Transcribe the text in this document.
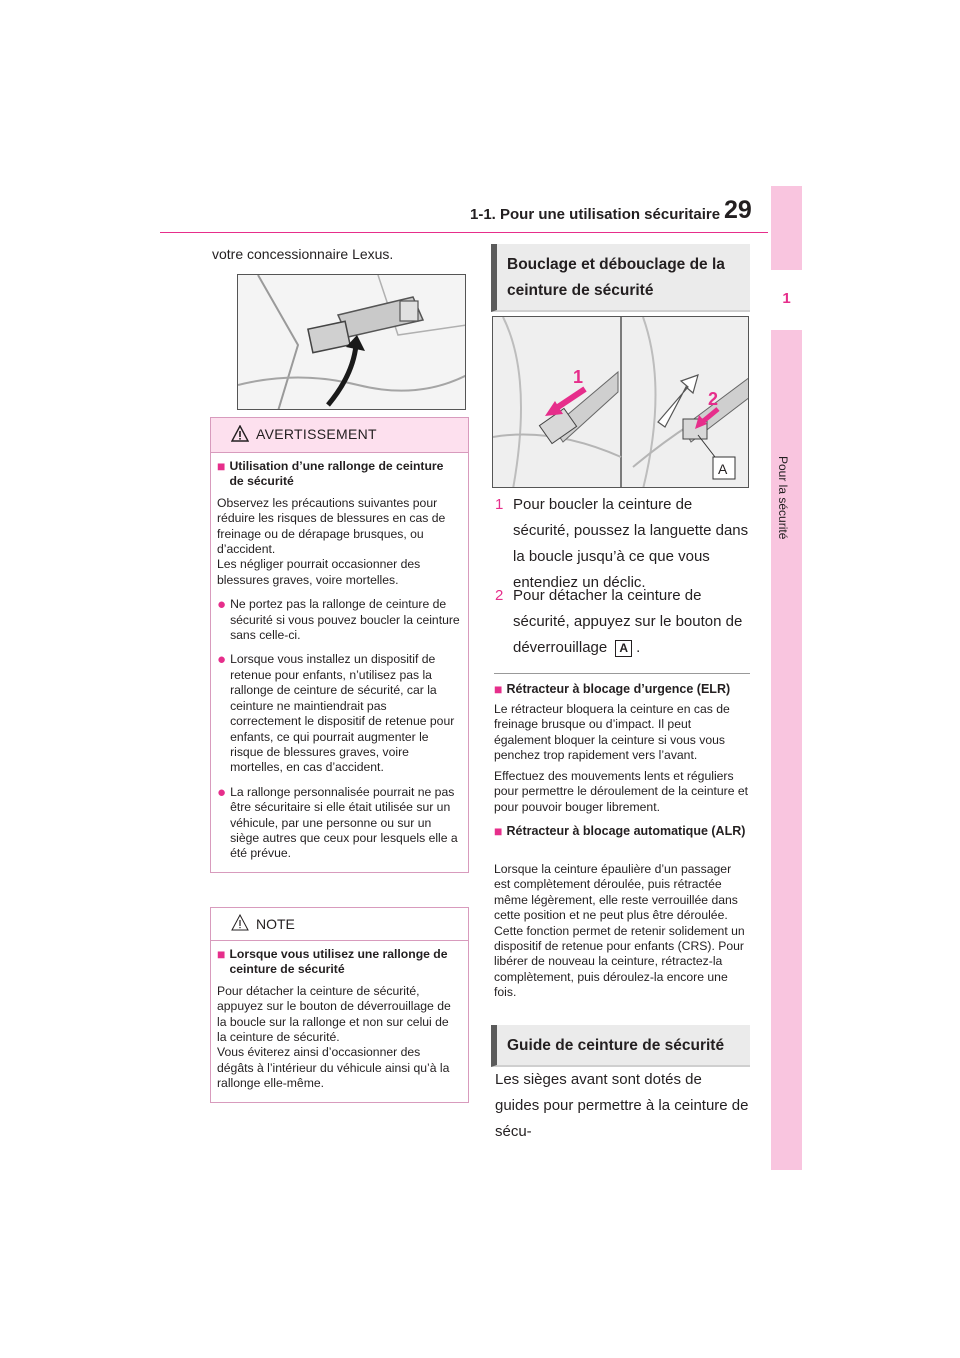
1-1. Pour une utilisation sécuritaire 29
1
Pour la sécurité
votre concessionnaire Lexus.
AVERTISSEMENT
■ Utilisation d’une rallonge de ceinture de sécurité
Observez les précautions suivantes pour réduire les risques de blessures en cas de freinage ou de dérapage brusques, ou d’accident.
Les négliger pourrait occasionner des blessures graves, voire mortelles.
● Ne portez pas la rallonge de ceinture de sécurité si vous pouvez boucler la ceinture sans celle-ci.
● Lorsque vous installez un dispositif de retenue pour enfants, n’utilisez pas la rallonge de ceinture de sécurité, car la ceinture ne maintiendrait pas correctement le dispositif de retenue pour enfants, ce qui pourrait augmenter le risque de blessures graves, voire mortelles, en cas d’accident.
● La rallonge personnalisée pourrait ne pas être sécuritaire si elle était utilisée sur un véhicule, par une personne ou sur un siège autres que ceux pour lesquels elle a été prévue.
NOTE
■ Lorsque vous utilisez une rallonge de ceinture de sécurité
Pour détacher la ceinture de sécurité, appuyez sur le bouton de déverrouillage de la boucle sur la rallonge et non sur celui de la ceinture de sécurité.
Vous éviterez ainsi d’occasionner des dégâts à l’intérieur du véhicule ainsi qu’à la rallonge elle-même.
Bouclage et débouclage de la ceinture de sécurité
1
2
A
1 Pour boucler la ceinture de sécurité, poussez la languette dans la boucle jusqu’à ce que vous entendiez un déclic.
2 Pour détacher la ceinture de sécurité, appuyez sur le bouton de déverrouillage A .
■ Rétracteur à blocage d’urgence (ELR)
Le rétracteur bloquera la ceinture en cas de freinage brusque ou d’impact. Il peut également bloquer la ceinture si vous vous penchez trop rapidement vers l’avant.
Effectuez des mouvements lents et réguliers pour permettre le déroulement de la ceinture et pour pouvoir bouger librement.
■ Rétracteur à blocage automatique (ALR)
Lorsque la ceinture épaulière d’un passager est complètement déroulée, puis rétractée même légèrement, elle reste verrouillée dans cette position et ne peut plus être déroulée. Cette fonction permet de retenir solidement un dispositif de retenue pour enfants (CRS). Pour libérer de nouveau la ceinture, rétractez-la complètement, puis déroulez-la encore une fois.
Guide de ceinture de sécurité
Les sièges avant sont dotés de guides pour permettre à la ceinture de sécu-
